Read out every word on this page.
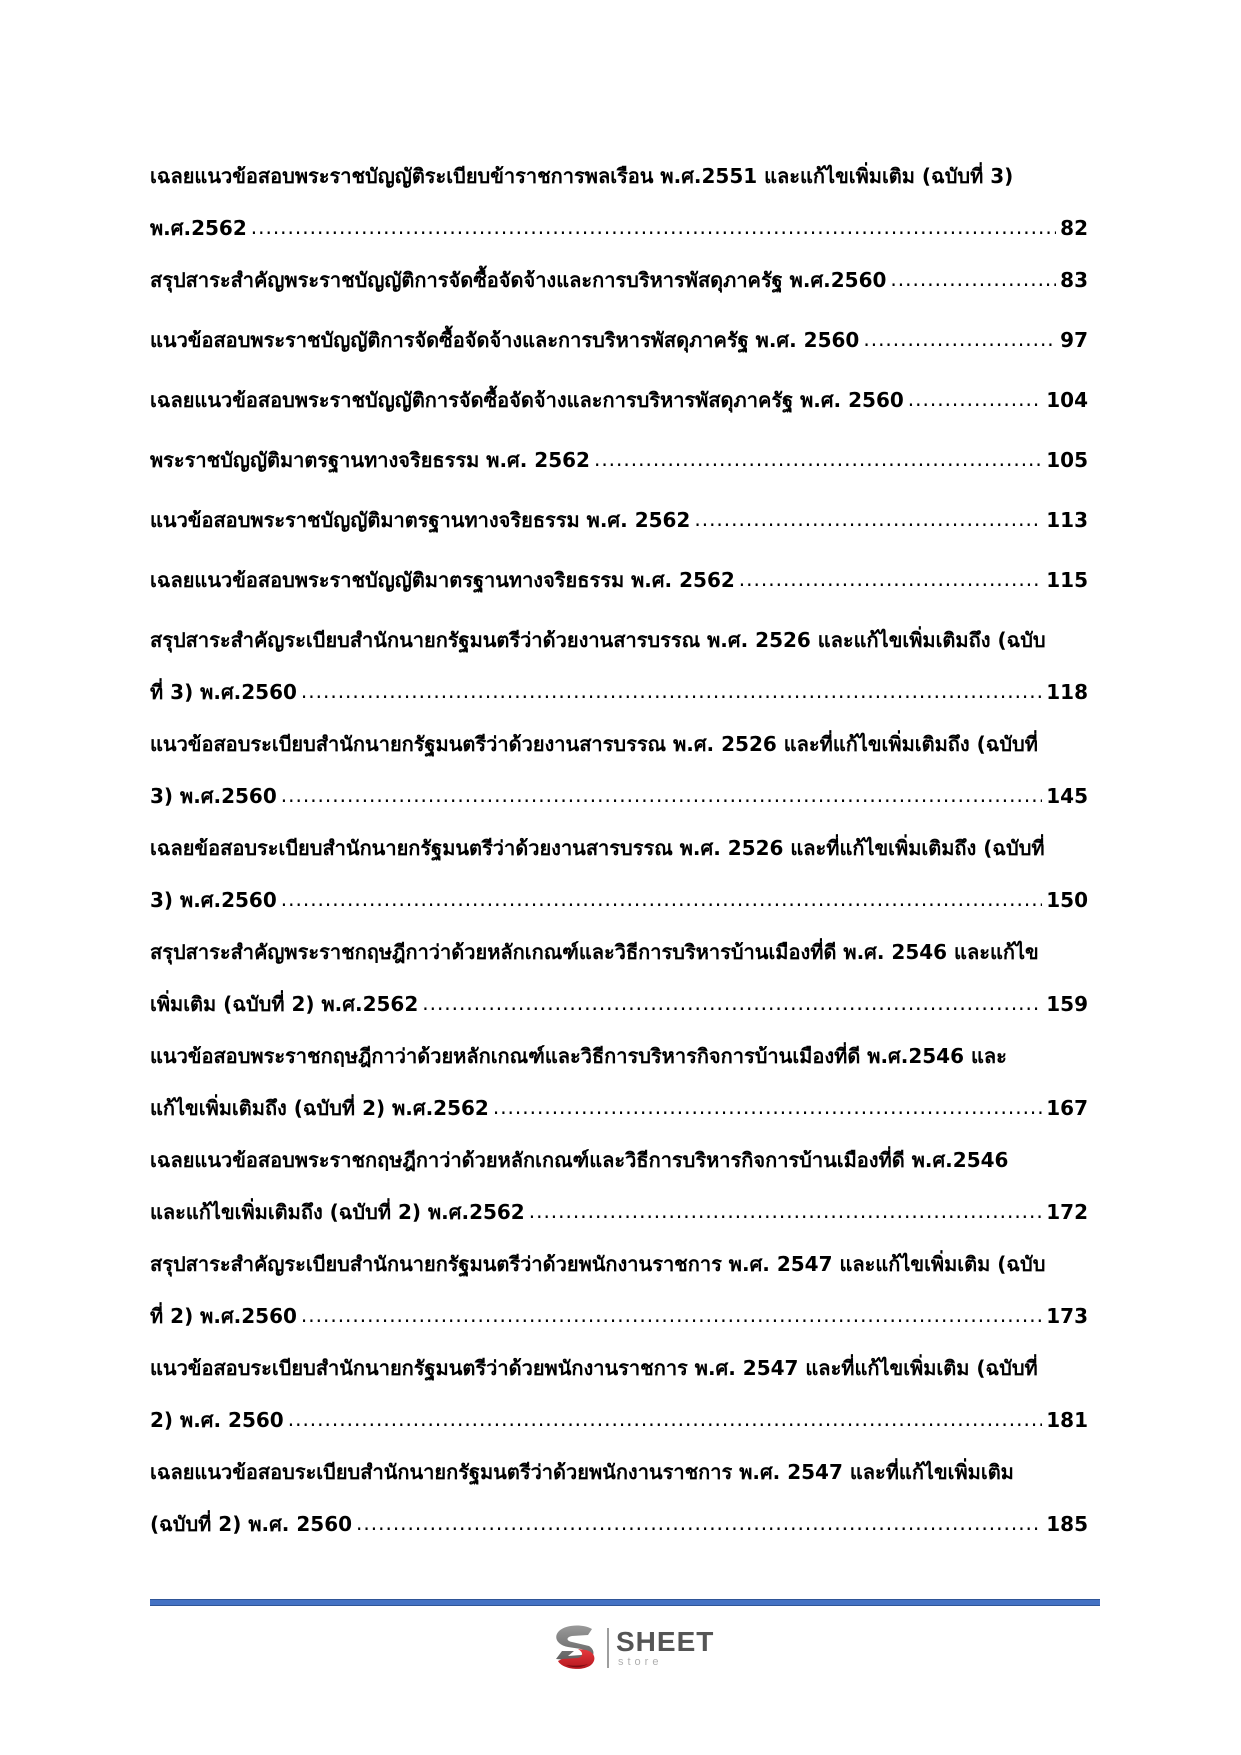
เฉลยแนวข้อสอบพระราชบัญญัติระเบียบข้าราชการพลเรือน พ.ศ.2551 และแก้ไขเพิ่มเติม (ฉบับที่ 3)
พ.ศ.2562 .....	82
สรุปสาระสำคัญพระราชบัญญัติการจัดซื้อจัดจ้างและการบริหารพัสดุภาครัฐ พ.ศ.2560 .....	83
แนวข้อสอบพระราชบัญญัติการจัดซื้อจัดจ้างและการบริหารพัสดุภาครัฐ พ.ศ. 2560 .....	97
เฉลยแนวข้อสอบพระราชบัญญัติการจัดซื้อจัดจ้างและการบริหารพัสดุภาครัฐ พ.ศ. 2560 .....	104
พระราชบัญญัติมาตรฐานทางจริยธรรม พ.ศ. 2562 .....	105
แนวข้อสอบพระราชบัญญัติมาตรฐานทางจริยธรรม พ.ศ. 2562 .....	113
เฉลยแนวข้อสอบพระราชบัญญัติมาตรฐานทางจริยธรรม พ.ศ. 2562 .....	115
สรุปสาระสำคัญระเบียบสำนักนายกรัฐมนตรีว่าด้วยงานสารบรรณ พ.ศ. 2526 และแก้ไขเพิ่มเติมถึง (ฉบับ
ที่ 3) พ.ศ.2560 .....	118
แนวข้อสอบระเบียบสำนักนายกรัฐมนตรีว่าด้วยงานสารบรรณ พ.ศ. 2526 และที่แก้ไขเพิ่มเติมถึง (ฉบับที่
3) พ.ศ.2560 .....	145
เฉลยข้อสอบระเบียบสำนักนายกรัฐมนตรีว่าด้วยงานสารบรรณ พ.ศ. 2526 และที่แก้ไขเพิ่มเติมถึง (ฉบับที่
3) พ.ศ.2560 .....	150
สรุปสาระสำคัญพระราชกฤษฎีกาว่าด้วยหลักเกณฑ์และวิธีการบริหารบ้านเมืองที่ดี พ.ศ. 2546 และแก้ไข
เพิ่มเติม (ฉบับที่ 2) พ.ศ.2562 .....	159
แนวข้อสอบพระราชกฤษฎีกาว่าด้วยหลักเกณฑ์และวิธีการบริหารกิจการบ้านเมืองที่ดี พ.ศ.2546 และ
แก้ไขเพิ่มเติมถึง (ฉบับที่ 2) พ.ศ.2562 .....	167
เฉลยแนวข้อสอบพระราชกฤษฎีกาว่าด้วยหลักเกณฑ์และวิธีการบริหารกิจการบ้านเมืองที่ดี พ.ศ.2546
และแก้ไขเพิ่มเติมถึง (ฉบับที่ 2) พ.ศ.2562 .....	172
สรุปสาระสำคัญระเบียบสำนักนายกรัฐมนตรีว่าด้วยพนักงานราชการ พ.ศ. 2547 และแก้ไขเพิ่มเติม (ฉบับ
ที่ 2) พ.ศ.2560 .....	173
แนวข้อสอบระเบียบสำนักนายกรัฐมนตรีว่าด้วยพนักงานราชการ พ.ศ. 2547 และที่แก้ไขเพิ่มเติม (ฉบับที่
2) พ.ศ. 2560 .....	181
เฉลยแนวข้อสอบระเบียบสำนักนายกรัฐมนตรีว่าด้วยพนักงานราชการ พ.ศ. 2547 และที่แก้ไขเพิ่มเติม
(ฉบับที่ 2) พ.ศ. 2560 .....	185
SHEET
store
